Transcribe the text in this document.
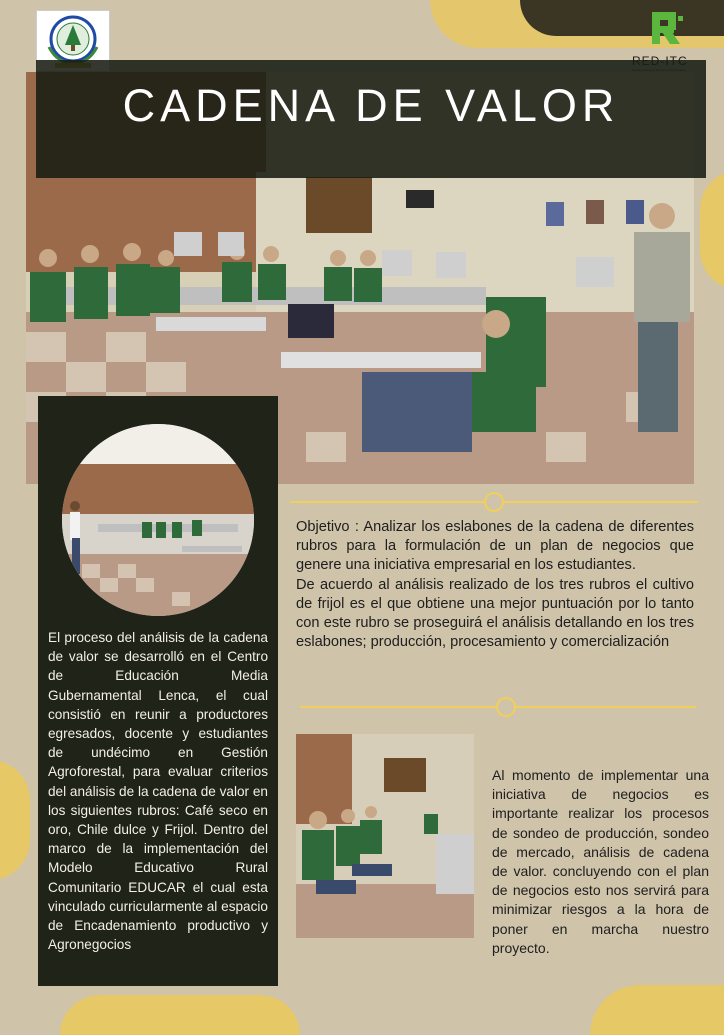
CADENA DE VALOR
El proceso del análisis de la cadena de valor se desarrolló en el Centro de Educación Media Gubernamental Lenca, el cual consistió en reunir a productores egresados, docente y estudiantes de undécimo en Gestión Agroforestal, para evaluar criterios del análisis de la cadena de valor en los siguientes rubros: Café seco en oro, Chile dulce y Frijol. Dentro del marco de la implementación del Modelo Educativo Rural Comunitario EDUCAR el cual esta vinculado curricularmente al espacio de Encadenamiento productivo y Agronegocios

Objetivo : Analizar los eslabones de la cadena de diferentes rubros para la formulación de un plan de negocios que genere una iniciativa empresarial en los estudiantes.

De acuerdo al análisis realizado de los tres rubros el cultivo de frijol es el que obtiene una mejor puntuación por lo tanto con este rubro se proseguirá el análisis detallando en los tres eslabones; producción, procesamiento y comercialización

Al momento de implementar una iniciativa de negocios es importante realizar los procesos de sondeo de producción, sondeo de mercado, análisis de cadena de valor. concluyendo con el plan de negocios esto nos servirá para minimizar riesgos a la hora de poner en marcha nuestro proyecto.
